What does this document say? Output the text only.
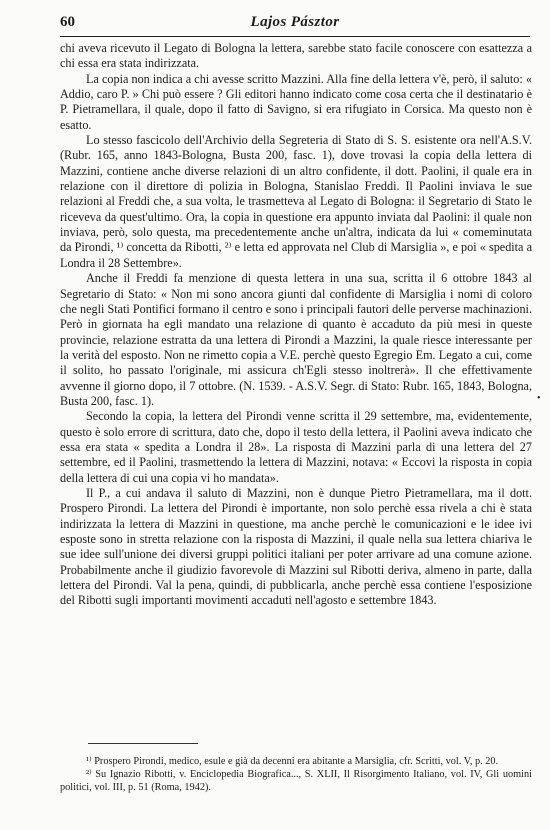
60	Lajos Pásztor

chi aveva ricevuto il Legato di Bologna la lettera, sarebbe stato facile conoscere con esattezza a chi essa era stata indirizzata.

La copia non indica a chi avesse scritto Mazzini. Alla fine della lettera v'è, però, il saluto: « Addio, caro P. » Chi può essere ? Gli editori hanno indicato come cosa certa che il destinatario è P. Pietramellara, il quale, dopo il fatto di Savigno, si era rifugiato in Corsica. Ma questo non è esatto.

Lo stesso fascicolo dell'Archivio della Segreteria di Stato di S. S. esistente ora nell'A.S.V. (Rubr. 165, anno 1843-Bologna, Busta 200, fasc. 1), dove trovasi la copia della lettera di Mazzini, contiene anche diverse relazioni di un altro confidente, il dott. Paolini, il quale era in relazione con il direttore di polizia in Bologna, Stanislao Freddi. Il Paolini inviava le sue relazioni al Freddi che, a sua volta, le trasmetteva al Legato di Bologna: il Segretario di Stato le riceveva da quest'ultimo. Ora, la copia in questione era appunto inviata dal Paolini: il quale non inviava, però, solo questa, ma precedentemente anche un'altra, indicata da lui « comeminutata da Pirondi, ¹⁾ concetta da Ribotti, ²⁾ e letta ed approvata nel Club di Marsiglia », e poi « spedita a Londra il 28 Settembre».

Anche il Freddi fa menzione di questa lettera in una sua, scritta il 6 ottobre 1843 al Segretario di Stato: « Non mi sono ancora giunti dal confidente di Marsiglia i nomi di coloro che negli Stati Pontifici formano il centro e sono i principali fautori delle perverse machinazioni. Però in giornata ha egli mandato una relazione di quanto è accaduto da più mesi in queste provincie, relazione estratta da una lettera di Pirondi a Mazzini, la quale riesce interessante per la verità del esposto. Non ne rimetto copia a V.E. perchè questo Egregio Em. Legato a cui, come il solito, ho passato l'originale, mi assicura ch'Egli stesso inoltrerà». Il che effettivamente avvenne il giorno dopo, il 7 ottobre. (N. 1539. - A.S.V. Segr. di Stato: Rubr. 165, 1843, Bologna, Busta 200, fasc. 1).

Secondo la copia, la lettera del Pirondi venne scritta il 29 settembre, ma, evidentemente, questo è solo errore di scrittura, dato che, dopo il testo della lettera, il Paolini aveva indicato che essa era stata « spedita a Londra il 28». La risposta di Mazzini parla di una lettera del 27 settembre, ed il Paolini, trasmettendo la lettera di Mazzini, notava: « Eccovi la risposta in copia della lettera di cui una copia vi ho mandata».

Il P., a cui andava il saluto di Mazzini, non è dunque Pietro Pietramellara, ma il dott. Prospero Pirondi. La lettera del Pirondi è importante, non solo perchè essa rivela a chi è stata indirizzata la lettera di Mazzini in questione, ma anche perchè le comunicazioni e le idee ivi esposte sono in stretta relazione con la risposta di Mazzini, il quale nella sua lettera chiariva le sue idee sull'unione dei diversi gruppi politici italiani per poter arrivare ad una comune azione. Probabilmente anche il giudizio favorevole di Mazzini sul Ribotti deriva, almeno in parte, dalla lettera del Pirondi. Val la pena, quindi, di pubblicarla, anche perchè essa contiene l'esposizione del Ribotti sugli importanti movimenti accaduti nell'agosto e settembre 1843.

•

¹⁾ Prospero Pirondi, medico, esule e già da decenni era abitante a Marsiglia, cfr. Scritti, vol. V, p. 20.

²⁾ Su Ignazio Ribotti, v. Enciclopedia Biografica..., S. XLII, Il Risorgimento Italiano, vol. IV, Gli uomini politici, vol. III, p. 51 (Roma, 1942).
